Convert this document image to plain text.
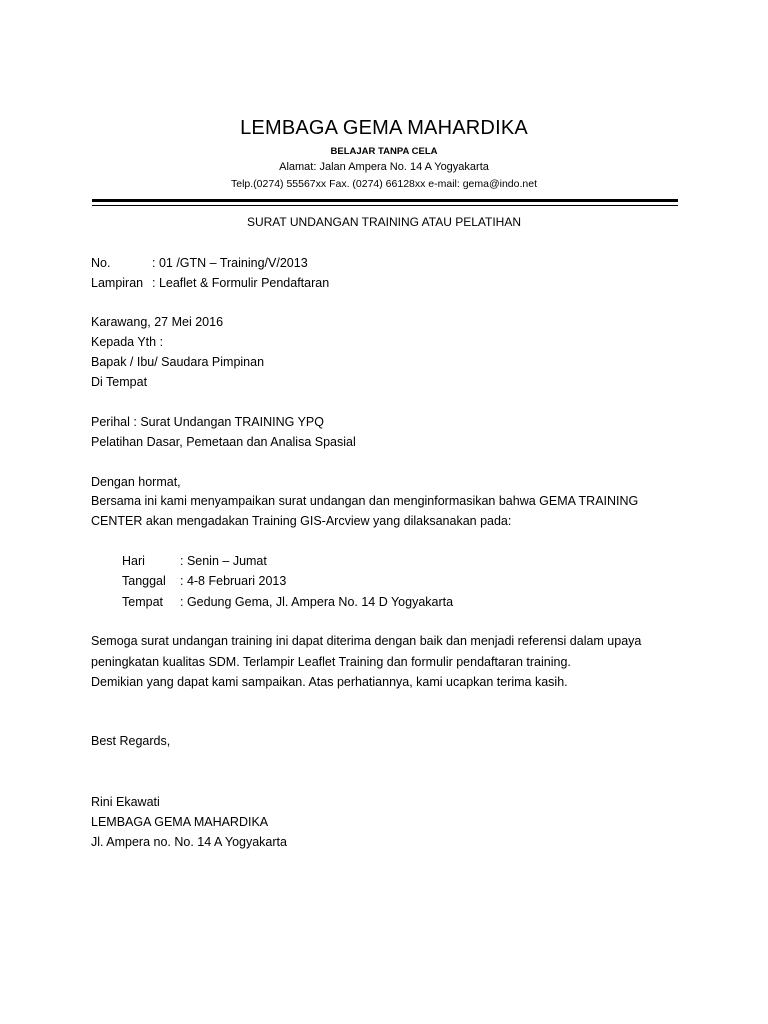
LEMBAGA GEMA MAHARDIKA
BELAJAR TANPA CELA
Alamat: Jalan Ampera No. 14 A Yogyakarta
Telp.(0274) 55567xx Fax. (0274) 66128xx e-mail: gema@indo.net
SURAT UNDANGAN TRAINING ATAU PELATIHAN
No.	: 01 /GTN – Training/V/2013
Lampiran : Leaflet & Formulir Pendaftaran
Karawang, 27 Mei 2016
Kepada Yth :
Bapak / Ibu/ Saudara Pimpinan
Di Tempat
Perihal : Surat Undangan TRAINING YPQ
Pelatihan Dasar, Pemetaan dan Analisa Spasial
Dengan hormat,
Bersama ini kami menyampaikan surat undangan dan menginformasikan bahwa GEMA TRAINING
CENTER akan mengadakan Training GIS-Arcview yang dilaksanakan pada:
Hari	: Senin – Jumat
Tanggal : 4-8 Februari 2013
Tempat : Gedung Gema, Jl. Ampera No. 14 D Yogyakarta
Semoga surat undangan training ini dapat diterima dengan baik dan menjadi referensi dalam upaya
peningkatan kualitas SDM. Terlampir Leaflet Training dan formulir pendaftaran training.
Demikian yang dapat kami sampaikan. Atas perhatiannya, kami ucapkan terima kasih.
Best Regards,
Rini Ekawati
LEMBAGA GEMA MAHARDIKA
Jl. Ampera no. No. 14 A Yogyakarta
